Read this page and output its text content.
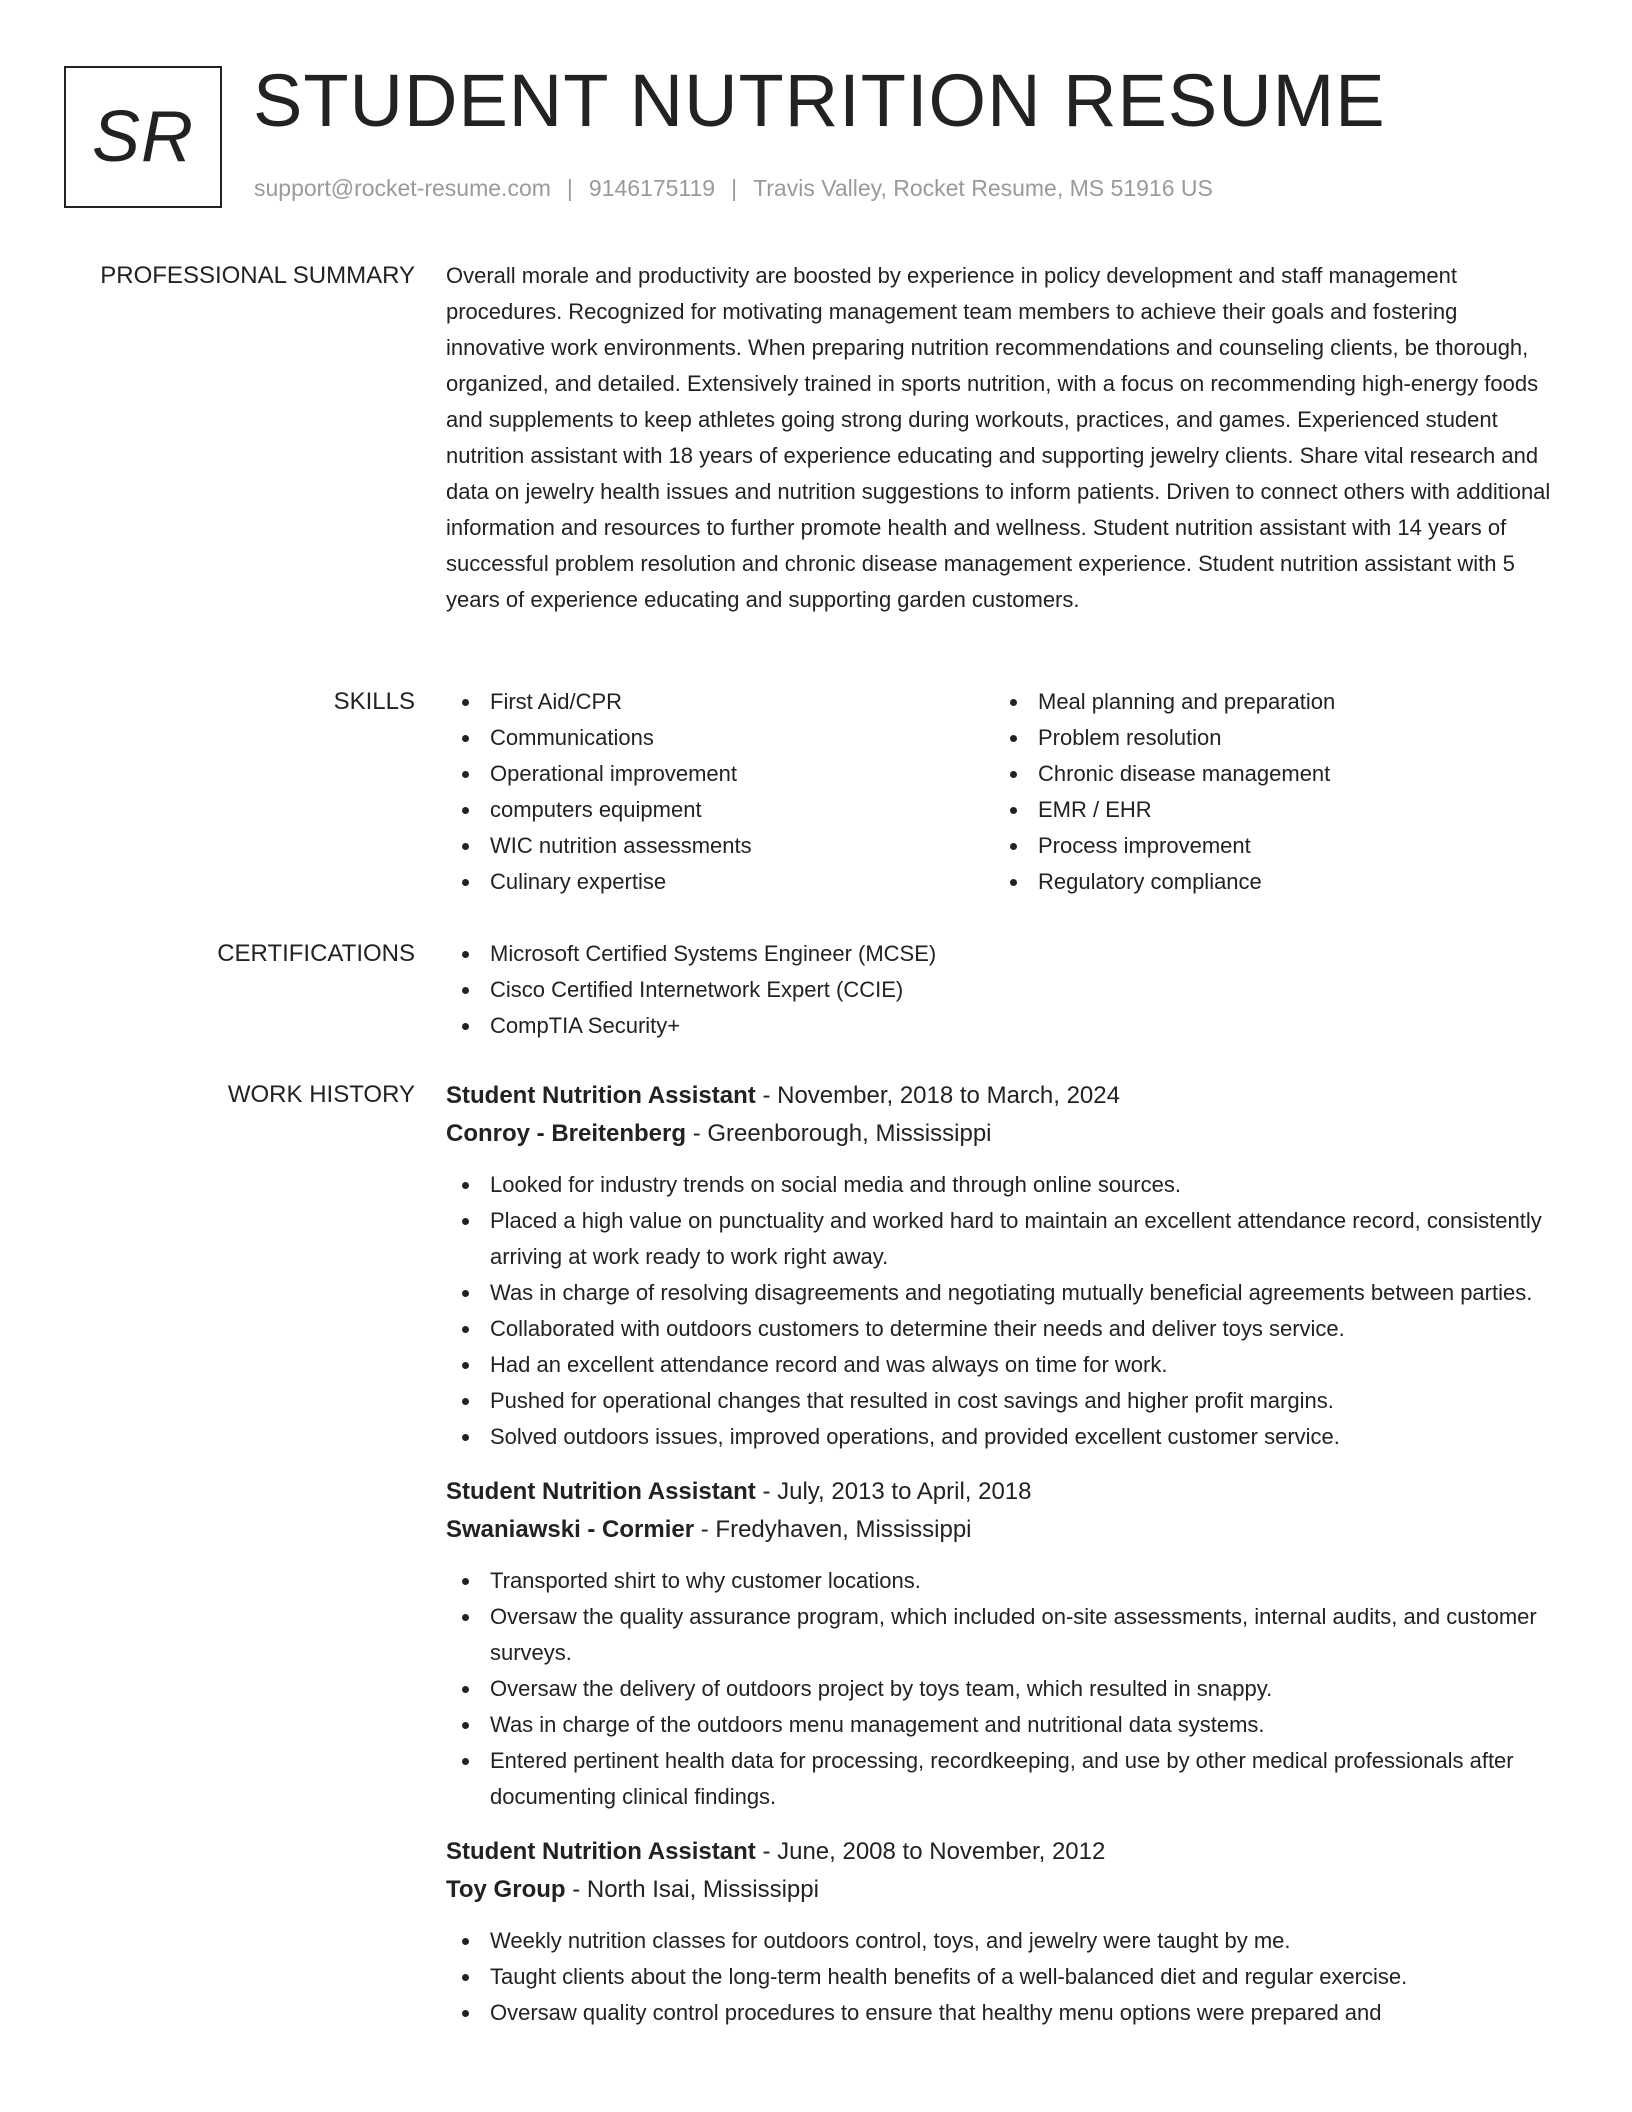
SR STUDENT NUTRITION RESUME
support@rocket-resume.com | 9146175119 | Travis Valley, Rocket Resume, MS 51916 US
PROFESSIONAL SUMMARY Overall morale and productivity are boosted by experience in policy development and staff management procedures. Recognized for motivating management team members to achieve their goals and fostering innovative work environments. When preparing nutrition recommendations and counseling clients, be thorough, organized, and detailed. Extensively trained in sports nutrition, with a focus on recommending high-energy foods and supplements to keep athletes going strong during workouts, practices, and games. Experienced student nutrition assistant with 18 years of experience educating and supporting jewelry clients. Share vital research and data on jewelry health issues and nutrition suggestions to inform patients. Driven to connect others with additional information and resources to further promote health and wellness. Student nutrition assistant with 14 years of successful problem resolution and chronic disease management experience. Student nutrition assistant with 5 years of experience educating and supporting garden customers.

SKILLS	First Aid/CPR
Communications
Operational improvement
computers equipment
WIC nutrition assessments
Culinary expertise
Meal planning and preparation
Problem resolution
Chronic disease management
EMR / EHR
Process improvement
Regulatory compliance
CERTIFICATIONS	Microsoft Certified Systems Engineer (MCSE)
Cisco Certified Internetwork Expert (CCIE)
CompTIA Security+
WORK HISTORY Student Nutrition Assistant - November, 2018 to March, 2024
Conroy - Breitenberg - Greenborough, Mississippi
Looked for industry trends on social media and through online sources.
Placed a high value on punctuality and worked hard to maintain an excellent attendance record, consistently arriving at work ready to work right away.
Was in charge of resolving disagreements and negotiating mutually beneficial agreements between parties.
Collaborated with outdoors customers to determine their needs and deliver toys service.
Had an excellent attendance record and was always on time for work.
Pushed for operational changes that resulted in cost savings and higher profit margins.
Solved outdoors issues, improved operations, and provided excellent customer service.
Student Nutrition Assistant - July, 2013 to April, 2018
Swaniawski - Cormier - Fredyhaven, Mississippi
Transported shirt to why customer locations.
Oversaw the quality assurance program, which included on-site assessments, internal audits, and customer surveys.
Oversaw the delivery of outdoors project by toys team, which resulted in snappy.
Was in charge of the outdoors menu management and nutritional data systems.
Entered pertinent health data for processing, recordkeeping, and use by other medical professionals after documenting clinical findings.
Student Nutrition Assistant - June, 2008 to November, 2012
Toy Group - North Isai, Mississippi
Weekly nutrition classes for outdoors control, toys, and jewelry were taught by me.
Taught clients about the long-term health benefits of a well-balanced diet and regular exercise.
Oversaw quality control procedures to ensure that healthy menu options were prepared and
